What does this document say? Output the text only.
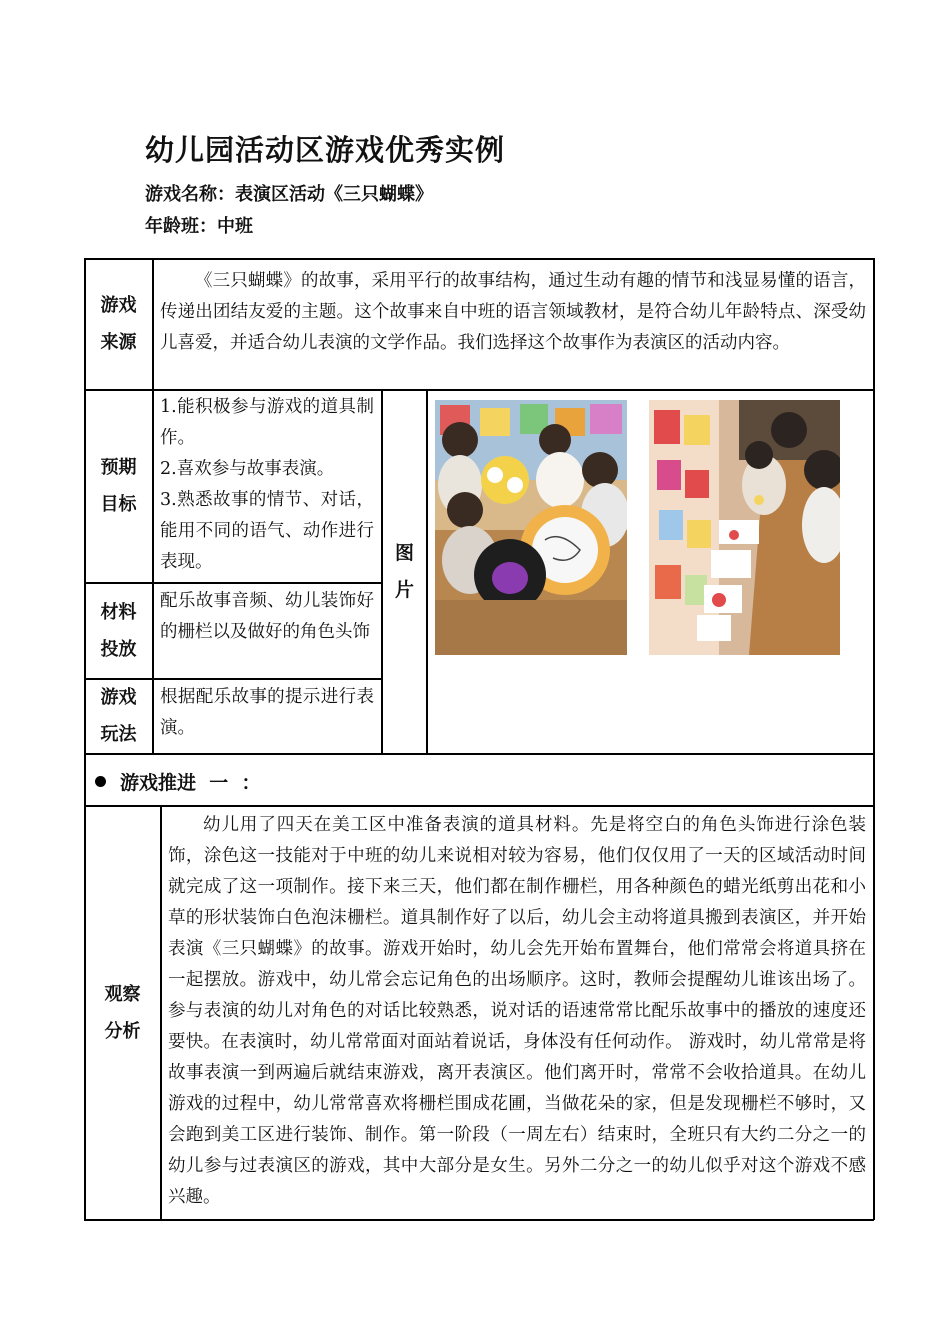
幼儿园活动区游戏优秀实例
游戏名称：表演区活动《三只蝴蝶》
年龄班：中班
游戏
来源
《三只蝴蝶》的故事，采用平行的故事结构，通过生动有趣的情节和浅显易懂的语言，传递出团结友爱的主题。这个故事来自中班的语言领域教材，是符合幼儿年龄特点、深受幼儿喜爱，并适合幼儿表演的文学作品。我们选择这个故事作为表演区的活动内容。
预期
目标
1.能积极参与游戏的道具制作。
2.喜欢参与故事表演。
3.熟悉故事的情节、对话，能用不同的语气、动作进行表现。
材料
投放
配乐故事音频、幼儿装饰好的栅栏以及做好的角色头饰
游戏
玩法
根据配乐故事的提示进行表演。
图
片
游戏推进  一  ：
观察
分析
幼儿用了四天在美工区中准备表演的道具材料。先是将空白的角色头饰进行涂色装饰，涂色这一技能对于中班的幼儿来说相对较为容易，他们仅仅用了一天的区域活动时间就完成了这一项制作。接下来三天，他们都在制作栅栏，用各种颜色的蜡光纸剪出花和小草的形状装饰白色泡沫栅栏。道具制作好了以后，幼儿会主动将道具搬到表演区，并开始表演《三只蝴蝶》的故事。游戏开始时，幼儿会先开始布置舞台，他们常常会将道具挤在一起摆放。游戏中，幼儿常会忘记角色的出场顺序。这时，教师会提醒幼儿谁该出场了。参与表演的幼儿对角色的对话比较熟悉，说对话的语速常常比配乐故事中的播放的速度还要快。在表演时，幼儿常常面对面站着说话，身体没有任何动作。 游戏时，幼儿常常是将故事表演一到两遍后就结束游戏，离开表演区。他们离开时，常常不会收拾道具。在幼儿游戏的过程中，幼儿常常喜欢将栅栏围成花圃，当做花朵的家，但是发现栅栏不够时，又会跑到美工区进行装饰、制作。第一阶段（一周左右）结束时，全班只有大约二分之一的幼儿参与过表演区的游戏，其中大部分是女生。另外二分之一的幼儿似乎对这个游戏不感兴趣。
